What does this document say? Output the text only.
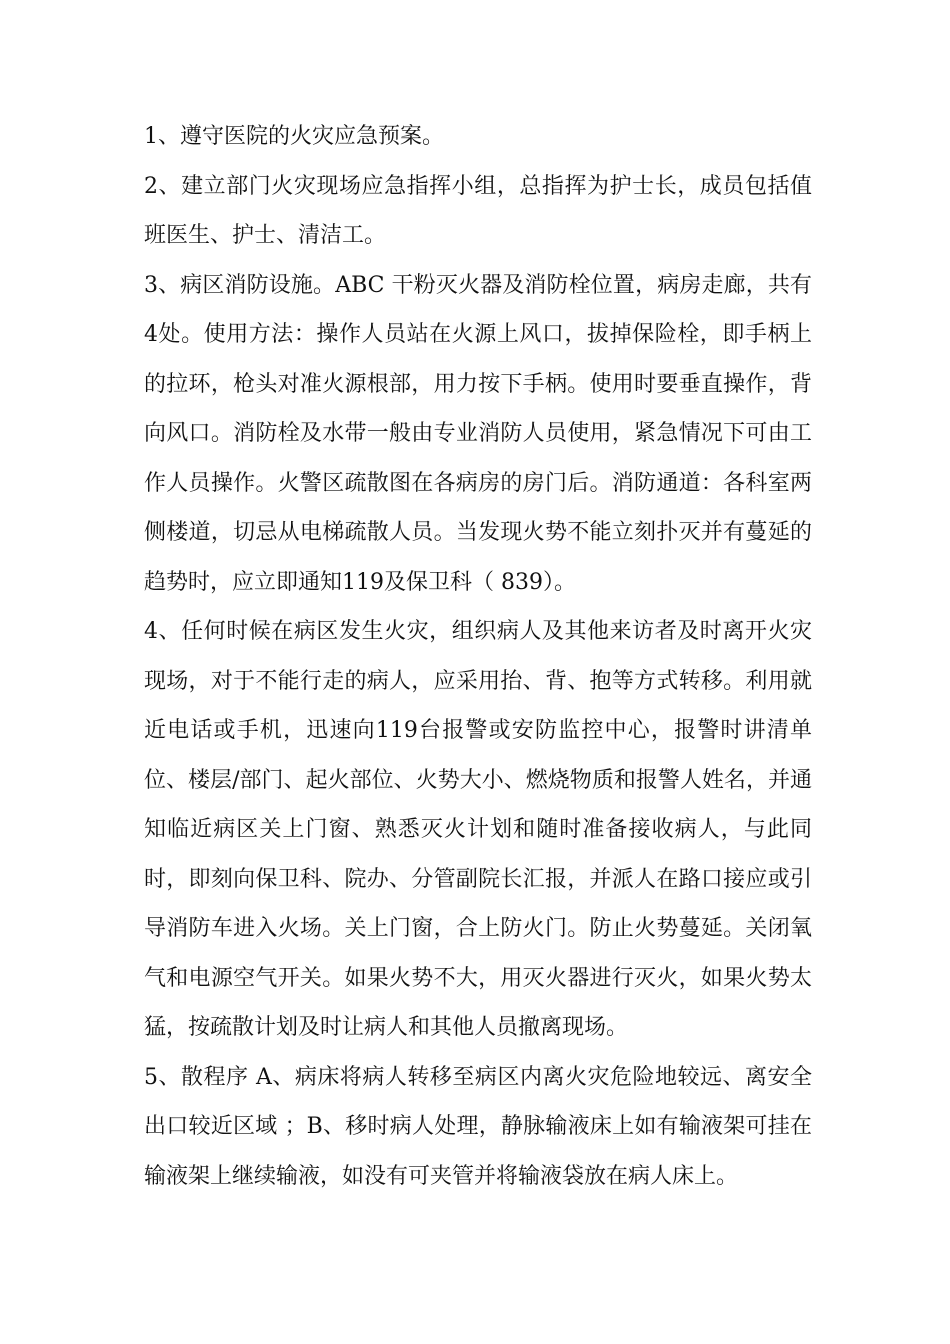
1、遵守医院的火灾应急预案。

2、建立部门火灾现场应急指挥小组，总指挥为护士长，成员包括值班医生、护士、清洁工。

3、病区消防设施。ABC 干粉灭火器及消防栓位置，病房走廊，共有4处。使用方法：操作人员站在火源上风口，拔掉保险栓，即手柄上的拉环，枪头对准火源根部，用力按下手柄。使用时要垂直操作，背向风口。消防栓及水带一般由专业消防人员使用，紧急情况下可由工作人员操作。火警区疏散图在各病房的房门后。消防通道：各科室两侧楼道，切忌从电梯疏散人员。当发现火势不能立刻扑灭并有蔓延的趋势时，应立即通知119及保卫科（ 839）。

4、任何时候在病区发生火灾，组织病人及其他来访者及时离开火灾现场，对于不能行走的病人，应采用抬、背、抱等方式转移。利用就近电话或手机，迅速向119台报警或安防监控中心，报警时讲清单位、楼层/部门、起火部位、火势大小、燃烧物质和报警人姓名，并通知临近病区关上门窗、熟悉灭火计划和随时准备接收病人，与此同时，即刻向保卫科、院办、分管副院长汇报，并派人在路口接应或引导消防车进入火场。关上门窗，合上防火门。防止火势蔓延。关闭氧气和电源空气开关。如果火势不大，用灭火器进行灭火，如果火势太猛，按疏散计划及时让病人和其他人员撤离现场。

5、散程序 A、病床将病人转移至病区内离火灾危险地较远、离安全出口较近区域 ；B、移时病人处理，静脉输液床上如有输液架可挂在输液架上继续输液，如没有可夹管并将输液袋放在病人床上。
